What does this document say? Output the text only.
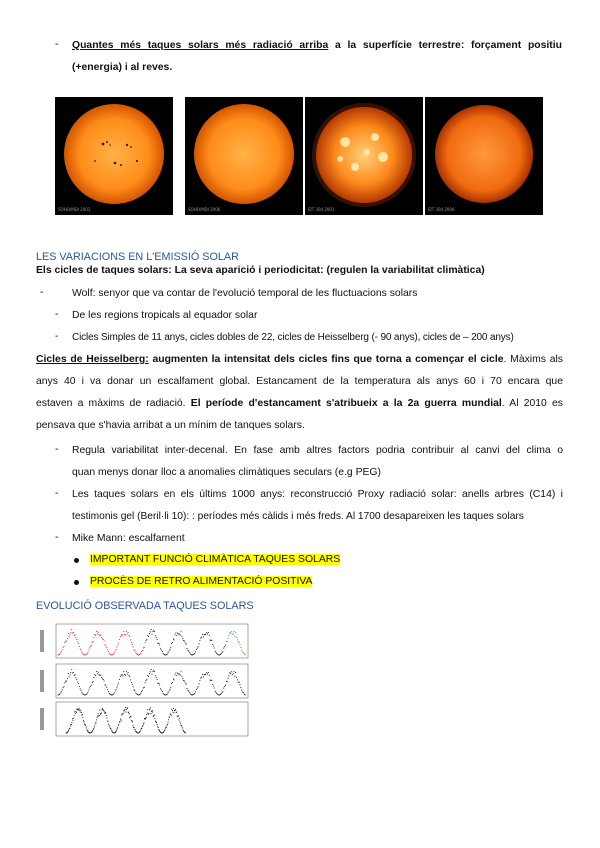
- Quantes més taques solars més radiació arriba a la superfície terrestre: forçament positiu
(+energia) i al reves.
SOHO/MDI 2001	SOHO/MDI 2006	EIT 304 2001	EIT 304 2006
LES VARIACIONS EN L'EMISSIÓ SOLAR
Els cicles de taques solars: La seva aparició i periodicitat: (regulen la variabilitat climàtica)
-	Wolf: senyor que va contar de l'evolució temporal de les fluctuacions solars
- De les regions tropicals al equador solar
- Cicles Simples de 11 anys, cicles dobles de 22, cicles de Heisselberg (- 90 anys), cicles de – 200 anys)
Cicles de Heisselberg: augmenten la intensitat dels cicles fins que torna a començar el cicle. Màxims als
anys 40 i va donar un escalfament global. Estancament de la temperatura als anys 60 i 70 encara que
estaven a màxims de radiació. El període d'estancament s'atribueix a la 2a guerra mundial. Al 2010 es
pensava que s'havia arribat a un mínim de tanques solars.
- Regula variabilitat inter-decenal. En fase amb altres factors podria contribuir al canvi del clima o
quan menys donar lloc a anomalies climàtiques seculars (e.g PEG)
- Les taques solars en els últims 1000 anys: reconstrucció Proxy radiació solar: anells arbres (C14) i
testimonis gel (Beril·li 10): : períodes més càlids i més freds. Al 1700 desapareixen les taques solars
- Mike Mann: escalfament
IMPORTANT FUNCIÓ CLIMÀTICA TAQUES SOLARS
PROCÈS DE RETRO ALIMENTACIÓ POSITIVA
EVOLUCIÓ OBSERVADA TAQUES SOLARS
